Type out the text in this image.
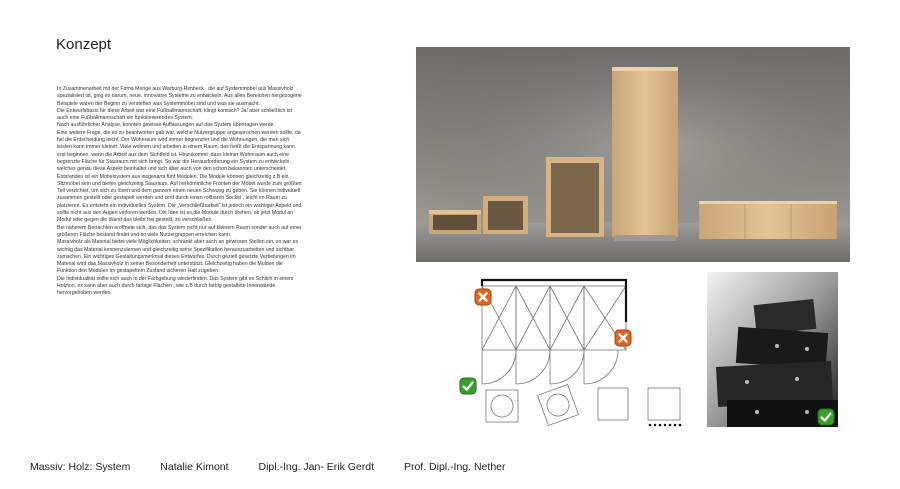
Konzept

In Zusammenarbeit mit der Firma Menge aus Warburg-Rimbeck , die auf Systemmöbel aus Massivholz spezialisiert ist, ging es darum, neue, innovative Systeme zu entwickeln. Aus allen Bereichen hergezogene Beispiele waren der Beginn zu verstehen was Systemmöbel sind und was sie ausmacht.

Die Entwurfsbasis für diese Arbeit war eine Fußballmannschaft, klingt komisch? Ja! aber schließlich ist auch eine Fußballmannschaft ein funktionierendes System.

Nach ausführlicher Analyse, konnten gewisse Auffassungen auf das System übertragen werde.

Eine weitere Frage, die es zu beantworten gab war, welche Nutzergruppe angesprochen werden sollte, da fiel die Entscheidung leicht. Der Wohnraum wird immer begrenzter und die Wohnungen, die man sich leisten kann immer kleiner. Viele wohnen und arbeiten in einem Raum, das heißt die Entspannung kann erst beginnen, wenn die Arbeit aus dem Sichtfeld ist. Hinzukommt ,dass kleiner Wohnraum auch eine begrenzte Fläche für Stauraum mit sich bringt. So war die Herausforderung ein System zu entwickeln, welches genau diese Aspekt beinhaltet und sich aber auch von den schon bekannten unterscheidet.

Entstanden ist ein Möbelsystem aus insgesamt fünf Modulen. Die Module können gleichzeitig z.B ein Sitzmöbel sein und bieten gleichzeitig Stauraum. Auf herkömmliche Fronten der Möbel wurde zum größten Teil verzichtet, um sich zu lösen und dem ganzem einen neuen Schwung zu geben. Sie können individuell zusammen gestellt oder gestapelt werden und sind durch einen rollbaren Sockel , leicht im Raum zu platzieren. Es entsteht ein individuelles System. Die „Verschließbarkeit“ ist jedoch ein wichtiger Aspekt und sollte nicht aus den Augen verloren werden. Die Idee ist es,die Module durch drehen, ob jetzt Modul an Modul oder gegen die Wand das bleibt frei gestellt, zu verschließen.

Bei näherem Betrachten eröffnete sich, das das System nicht nur auf kleinem Raum sonder auch auf einer größeren Fläche bestand findet und so viele Nutzergruppen erreichen kann.

Massivholz als Material bietet viele Möglichkeiten, schränkt aber auch an gewissen Stellen ein, so war es wichtig das Material kennenzulernen und gleichzeitig seine Spezifikation herauszuarbeiten und sichtbar zumachen. Ein wichtiges Gestaltungsmerkmal dieses Entwurfes. Durch gezielt gesetzte Vertiefungen im Material wird das Massivholz in seiner Besonderheit unterstützt. Gleichzeitig haben die Mulden die Funktion den Modulen im gestapeltem Zustand sicheren Halt zugeben.

Die Individualität sollte sich auch in der Farbgebung wiederfinden. Das System gibt es Schlich in einem Holzton, es kann aber auch durch farbige Flächen , wie z.B durch farbig gestaltete Innenwände hervorgehoben werden.

Massiv: Holz: System	Natalie Kimont	Dipl.-Ing. Jan- Erik Gerdt	Prof. Dipl.-Ing. Nether
